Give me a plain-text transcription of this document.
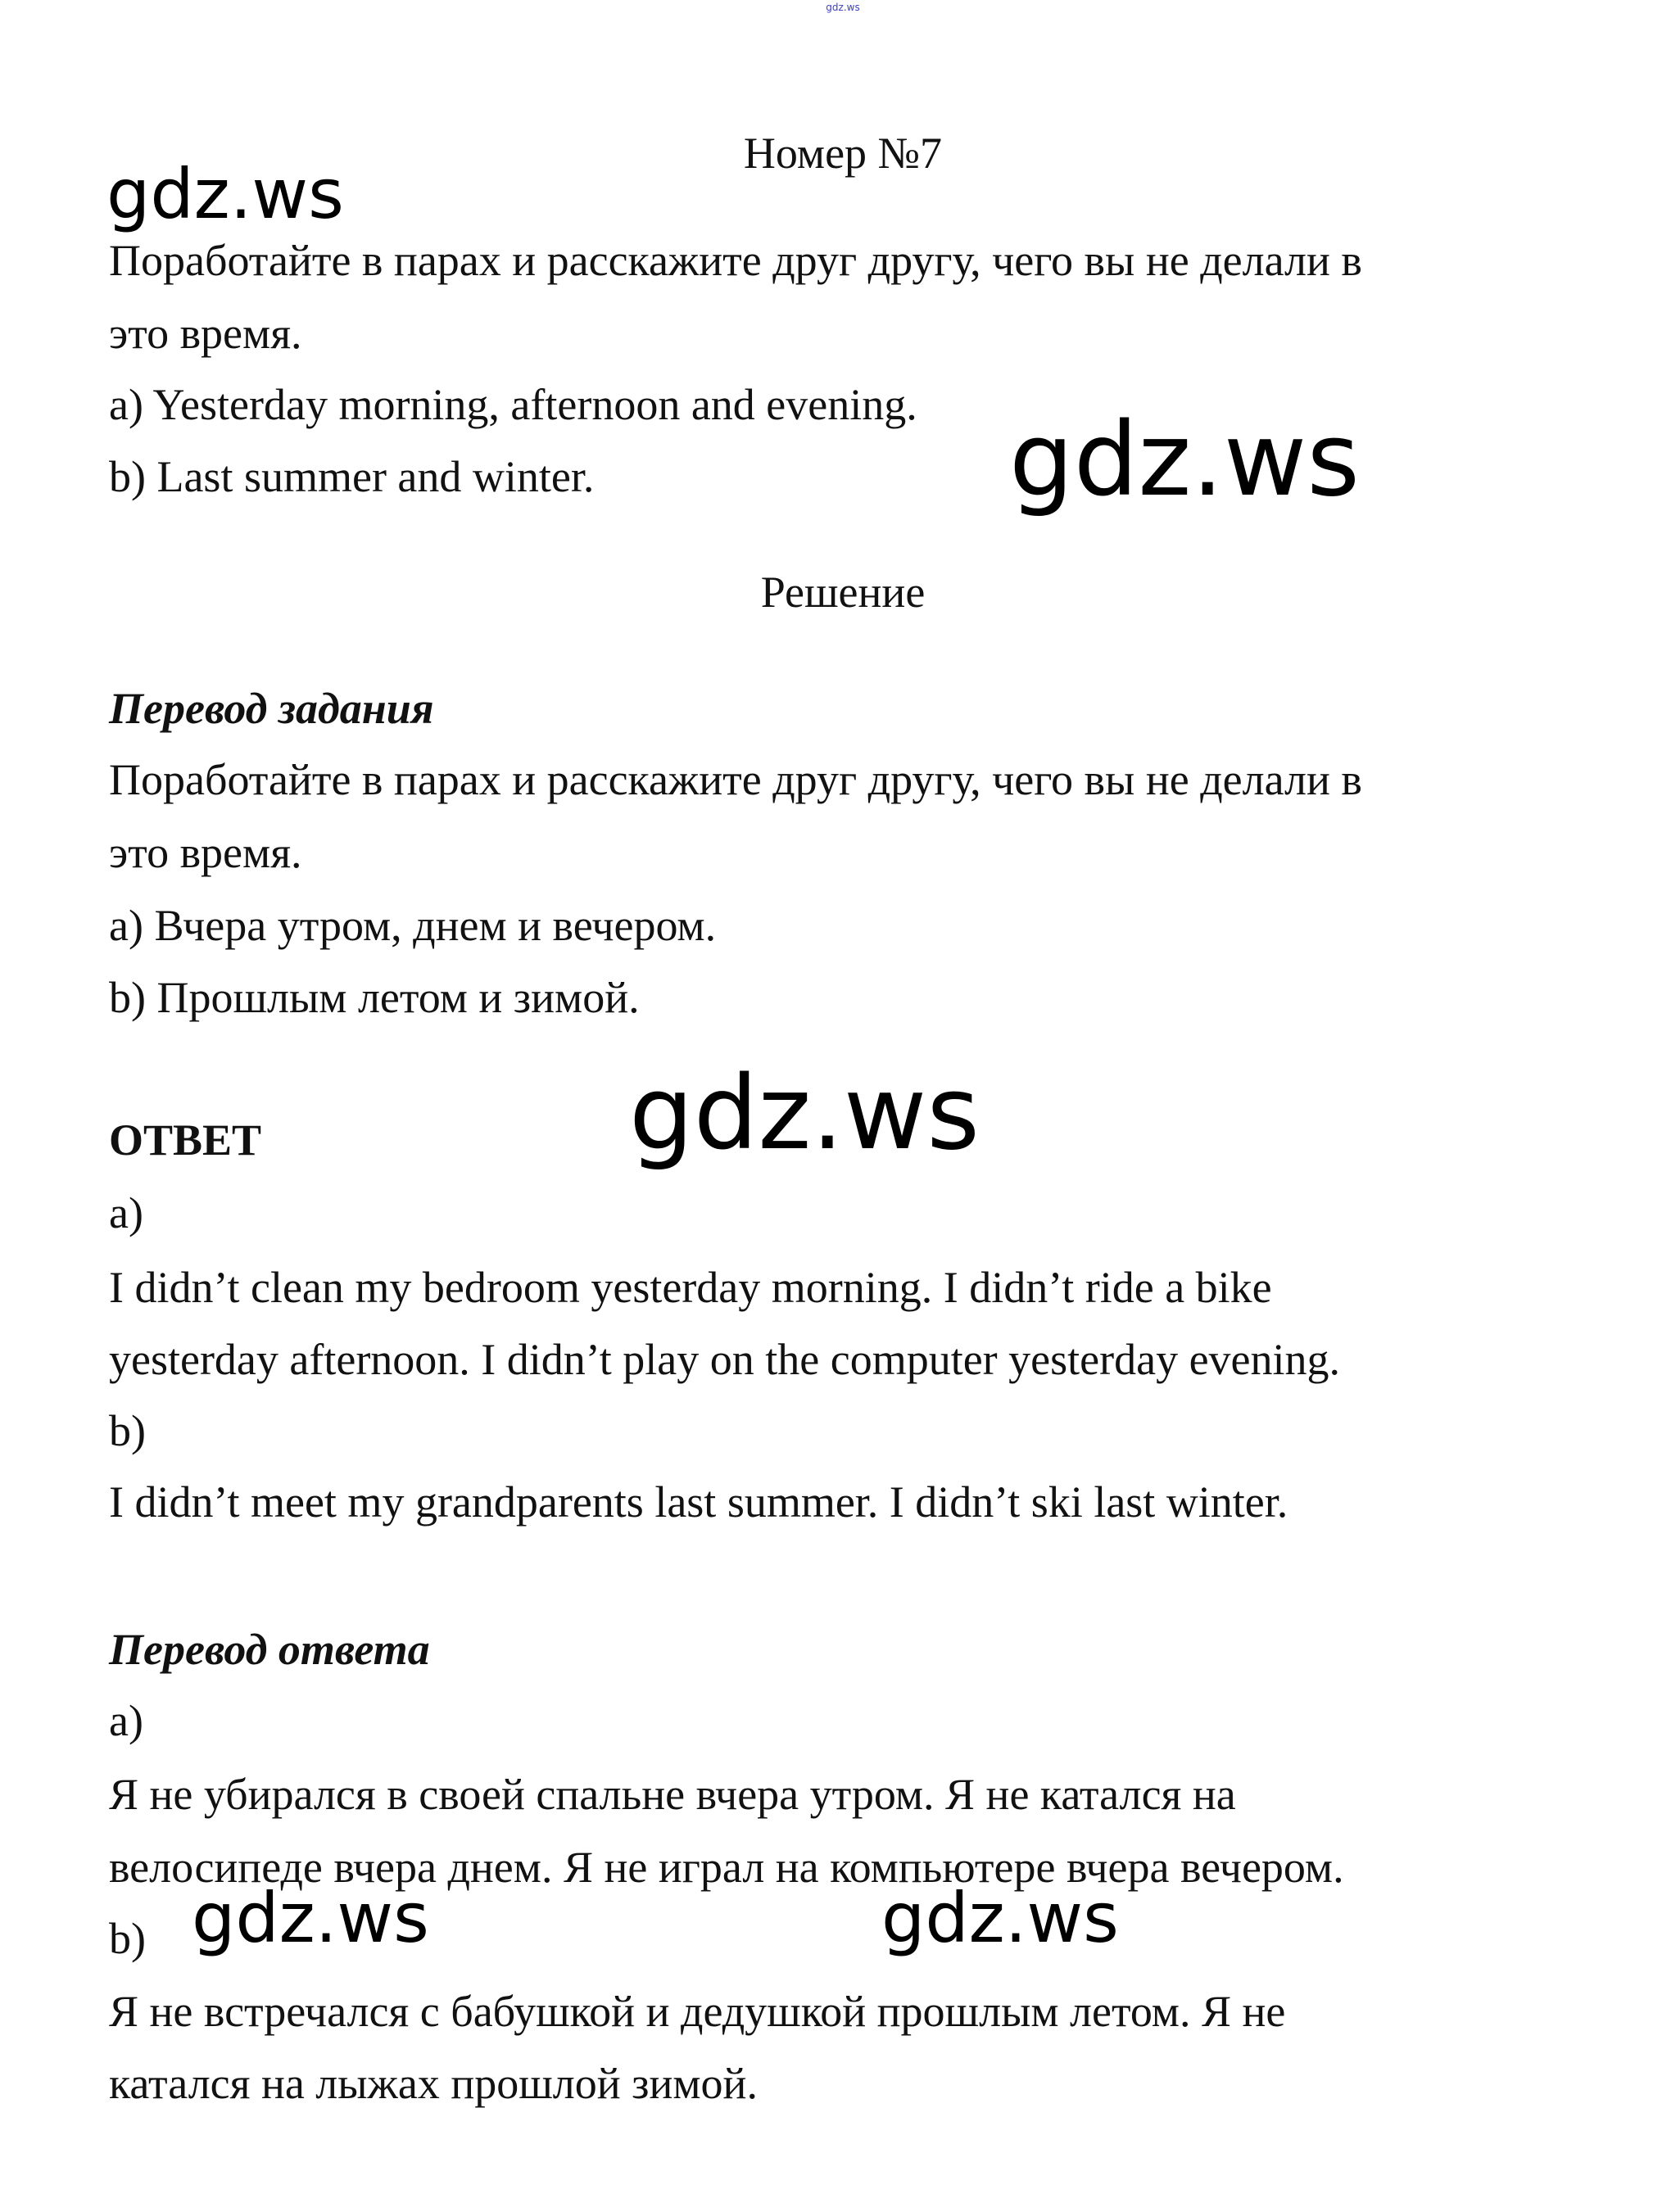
gdz.ws
Номер №7
gdz.ws
Поработайте в парах и расскажите друг другу, чего вы не делали в
это время.
a) Yesterday morning, afternoon and evening.
b) Last summer and winter.	gdz.ws
Решение
Перевод задания
Поработайте в парах и расскажите друг другу, чего вы не делали в
это время.
a) Вчера утром, днем и вечером.
b) Прошлым летом и зимой.
ОТВЕТ	gdz.ws
a)
I didn’t clean my bedroom yesterday morning. I didn’t ride a bike
yesterday afternoon. I didn’t play on the computer yesterday evening.
b)
I didn’t meet my grandparents last summer. I didn’t ski last winter.
Перевод ответа
a)
Я не убирался в своей спальне вчера утром. Я не катался на
велосипеде вчера днем. Я не играл на компьютере вчера вечером.
b) gdz.ws	gdz.ws
Я не встречался с бабушкой и дедушкой прошлым летом. Я не
катался на лыжах прошлой зимой.
